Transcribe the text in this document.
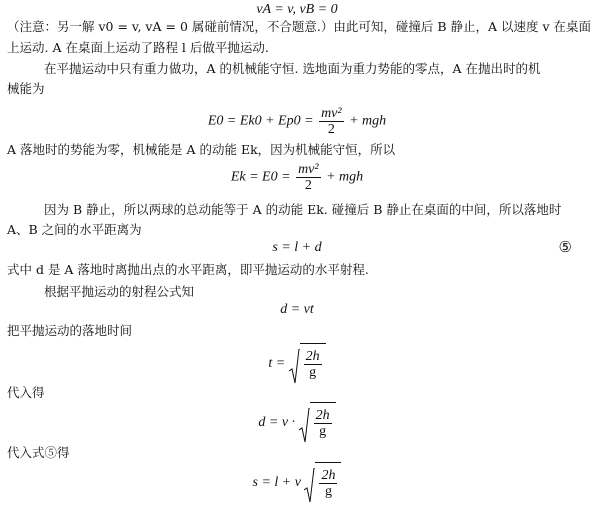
vA = v, vB = 0
（注意：另一解 v0 = v, vA = 0 属碰前情况，不合题意.）由此可知，碰撞后 B 静止，A 以速度 v 在桌面
上运动. A 在桌面上运动了路程 l 后做平抛运动.
在平抛运动中只有重力做功，A 的机械能守恒. 选地面为重力势能的零点，A 在抛出时的机
械能为
$E0 = Ek0 + Ep0 = \frac{\text{mv²}}{2}$ + mgh
A 落地时的势能为零，机械能是 A 的动能 Ek，因为机械能守恒，所以
$Ek = E0 = \frac{\text{mv²}}{2}$ + mgh
因为 B 静止，所以两球的总动能等于 A 的动能 Ek. 碰撞后 B 静止在桌面的中间，所以落地时
A、B 之间的水平距离为
s = l + d	⑤
式中 d 是 A 落地时离抛出点的水平距离，即平抛运动的水平射程.
根据平抛运动的射程公式知
d = vt
把平抛运动的落地时间
$t = \frac{2h}{g}$
代入得
$d = v \cdot \frac{2h}{g}$
代入式⑤得
s = l + v $\frac{2h}{g}$
